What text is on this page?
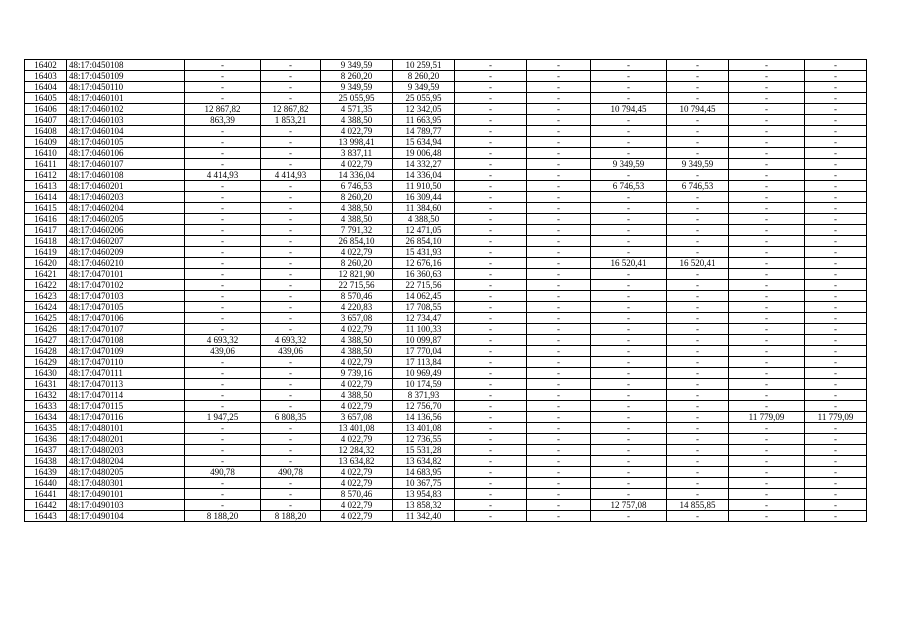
16402	48:17:0450108	-	-	9 349,59	10 259,51	-	-	-	-	-	-
16403	48:17:0450109	-	-	8 260,20	8 260,20	-	-	-	-	-	-
16404	48:17:0450110	-	-	9 349,59	9 349,59	-	-	-	-	-	-
16405	48:17:0460101	-	-	25 055,95	25 055,95	-	-	-	-	-	-
16406	48:17:0460102	12 867,82	12 867,82	4 571,35	12 342,05	-	-	10 794,45	10 794,45	-	-
16407	48:17:0460103	863,39	1 853,21	4 388,50	11 663,95	-	-	-	-	-	-
16408	48:17:0460104	-	-	4 022,79	14 789,77	-	-	-	-	-	-
16409	48:17:0460105	-	-	13 998,41	15 634,94	-	-	-	-	-	-
16410	48:17:0460106	-	-	3 837,11	19 006,48	-	-	-	-	-	-
16411	48:17:0460107	-	-	4 022,79	14 332,27	-	-	9 349,59	9 349,59	-	-
16412	48:17:0460108	4 414,93	4 414,93	14 336,04	14 336,04	-	-	-	-	-	-
16413	48:17:0460201	-	-	6 746,53	11 910,50	-	-	6 746,53	6 746,53	-	-
16414	48:17:0460203	-	-	8 260,20	16 309,44	-	-	-	-	-	-
16415	48:17:0460204	-	-	4 388,50	11 384,60	-	-	-	-	-	-
16416	48:17:0460205	-	-	4 388,50	4 388,50	-	-	-	-	-	-
16417	48:17:0460206	-	-	7 791,32	12 471,05	-	-	-	-	-	-
16418	48:17:0460207	-	-	26 854,10	26 854,10	-	-	-	-	-	-
16419	48:17:0460209	-	-	4 022,79	15 431,93	-	-	-	-	-	-
16420	48:17:0460210	-	-	8 260,20	12 676,16	-	-	16 520,41	16 520,41	-	-
16421	48:17:0470101	-	-	12 821,90	16 360,63	-	-	-	-	-	-
16422	48:17:0470102	-	-	22 715,56	22 715,56	-	-	-	-	-	-
16423	48:17:0470103	-	-	8 570,46	14 062,45	-	-	-	-	-	-
16424	48:17:0470105	-	-	4 220,83	17 708,55	-	-	-	-	-	-
16425	48:17:0470106	-	-	3 657,08	12 734,47	-	-	-	-	-	-
16426	48:17:0470107	-	-	4 022,79	11 100,33	-	-	-	-	-	-
16427	48:17:0470108	4 693,32	4 693,32	4 388,50	10 099,87	-	-	-	-	-	-
16428	48:17:0470109	439,06	439,06	4 388,50	17 770,04	-	-	-	-	-	-
16429	48:17:0470110	-	-	4 022,79	17 113,84	-	-	-	-	-	-
16430	48:17:0470111	-	-	9 739,16	10 969,49	-	-	-	-	-	-
16431	48:17:0470113	-	-	4 022,79	10 174,59	-	-	-	-	-	-
16432	48:17:0470114	-	-	4 388,50	8 371,93	-	-	-	-	-	-
16433	48:17:0470115	-	-	4 022,79	12 756,70	-	-	-	-	-	-
16434	48:17:0470116	1 947,25	6 808,35	3 657,08	14 136,56	-	-	-	-	11 779,09	11 779,09
16435	48:17:0480101	-	-	13 401,08	13 401,08	-	-	-	-	-	-
16436	48:17:0480201	-	-	4 022,79	12 736,55	-	-	-	-	-	-
16437	48:17:0480203	-	-	12 284,32	15 531,28	-	-	-	-	-	-
16438	48:17:0480204	-	-	13 634,82	13 634,82	-	-	-	-	-	-
16439	48:17:0480205	490,78	490,78	4 022,79	14 683,95	-	-	-	-	-	-
16440	48:17:0480301	-	-	4 022,79	10 367,75	-	-	-	-	-	-
16441	48:17:0490101	-	-	8 570,46	13 954,83	-	-	-	-	-	-
16442	48:17:0490103	-	-	4 022,79	13 858,32	-	-	12 757,08	14 855,85	-	-
16443	48:17:0490104	8 188,20	8 188,20	4 022,79	11 342,40	-	-	-	-	-	-
